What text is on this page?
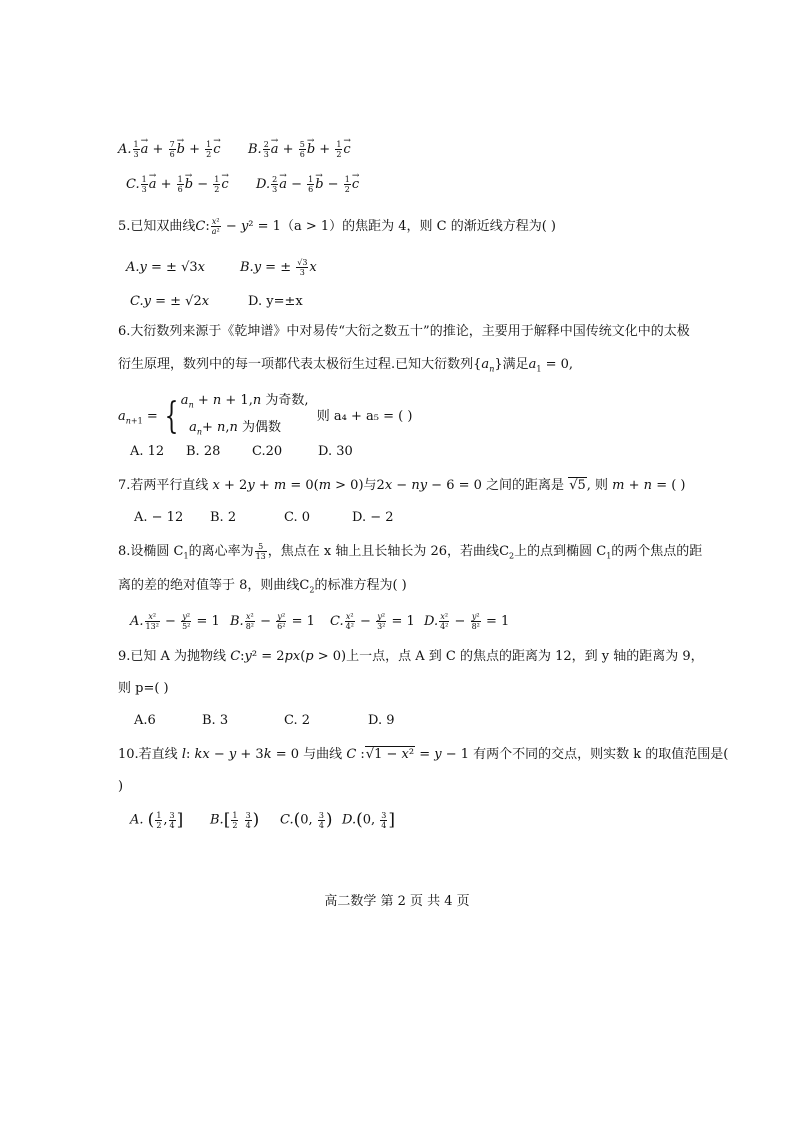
A. $\frac{1}{3}$
→ $a + \frac{7}{6}$
→ $b + \frac{1}{2}$
→ c B. $\frac{2}{3}$
→ $a + \frac{5}{6}$
→ $b + \frac{1}{2}$
→ c
C. $\frac{1}{3}$
→ $a + \frac{1}{6}$
→ $b - \frac{1}{2}$
→ c D. $\frac{2}{3}$
→ $a - \frac{1}{6}$
→ $b - \frac{1}{2}$
→ c
5.已知双曲线C: $\frac{\text{x²}}{\text{a²}} - y^2 = 1(a > 1)$的焦距为 4，则 C 的渐近线方程为( )
A.y = ± √3x	B.y = ± $\frac{√3}{3}$ x
C.y = ± √2x	D. y=±x
6.大衍数列来源于《乾坤谱》中对易传“大衍之数五十”的推论，主要用于解释中国传统文化中的太极
衍生原理，数列中的每一项都代表太极衍生过程.已知大衍数列$\{a_n\}$满足$a_1 = 0$,
$a_{n+1}$ = { $a_n + n + 1,n$ 为奇数,
$a_n+ n,n$ 为偶数  则 a₄ + a₅ = ( )
A. 12 B. 28 C.20	D. 30
7.若两平行直线 x + 2y + m = 0(m > 0)与2x − ny − 6 = 0 之间的距离是 √5, 则 m + n = ( )
A. − 12 B. 2	C. 0	D. − 2
8.设椭圆 $C_1$的离心率为 $\frac{5}{13}$ ，焦点在 x 轴上且长轴长为 26，若曲线$C_2$上的点到椭圆 $C_1$的两个焦点的距
离的差的绝对值等于 8，则曲线$C_2$的标准方程为( )
A. $\frac{\text{x²}}{\text{13²}} - \frac{\text{y²}}{\text{5²}} = 1$ B. $\frac{\text{x²}}{\text{8²}} - \frac{\text{y²}}{\text{6²}} = 1$ C. $\frac{\text{x²}}{\text{4²}} - \frac{\text{y²}}{\text{3²}} = 1$ D. $\frac{\text{x²}}{\text{4²}} - \frac{\text{y²}}{\text{8²}} = 1$
9.已知 A 为抛物线 C:y² = 2px(p > 0)上一点，点 A 到 C 的焦点的距离为 12，到 y 轴的距离为 9，
则 p=( )
A.6	B. 3	C. 2	D. 9
10.若直线 l: kx − y + 3k = 0 与曲线 C :√1 − x² = y − 1 有两个不同的交点，则实数 k 的取值范围是(
)
A. ( $\frac{1}{2}$ , $\frac{3}{4}$ ] $B.[ \frac{1}{2}$
$\frac{3}{4}$ ) C.(0, $\frac{3}{4}$ ) D.(0, $\frac{3}{4}$ ]
高二数学 第 2 页 共 4 页
